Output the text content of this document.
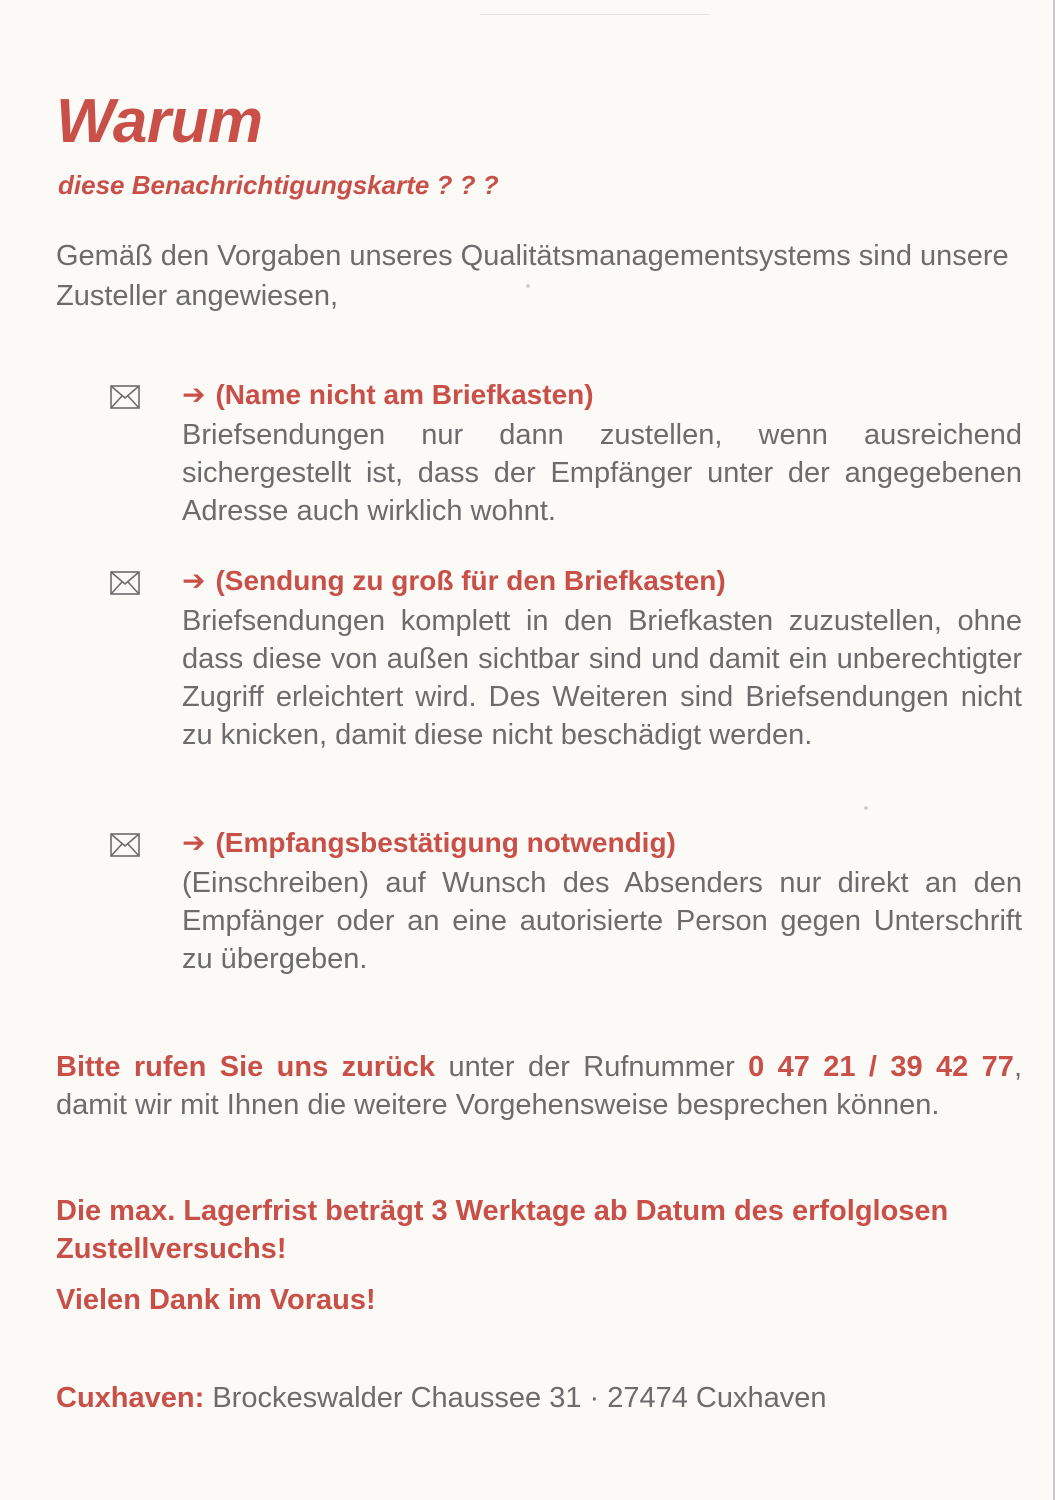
Warum
diese Benachrichtigungskarte ? ? ?

Gemäß den Vorgaben unseres Qualitätsmanagementsystems sind unsere Zusteller angewiesen,

➔ (Name nicht am Briefkasten)
Briefsendungen nur dann zustellen, wenn ausreichend sichergestellt ist, dass der Empfänger unter der angegebenen Adresse auch wirklich wohnt.
➔ (Sendung zu groß für den Briefkasten)
Briefsendungen komplett in den Briefkasten zuzustellen, ohne dass diese von außen sichtbar sind und damit ein unberechtigter Zugriff erleichtert wird. Des Weiteren sind Briefsendungen nicht zu knicken, damit diese nicht beschädigt werden.
➔ (Empfangsbestätigung notwendig)
(Einschreiben) auf Wunsch des Absenders nur direkt an den Empfänger oder an eine autorisierte Person gegen Unterschrift zu übergeben.

Bitte rufen Sie uns zurück unter der Rufnummer 0 47 21 / 39 42 77, damit wir mit Ihnen die weitere Vorgehensweise besprechen können.

Die max. Lagerfrist beträgt 3 Werktage ab Datum des erfolglosen Zustellversuchs!

Vielen Dank im Voraus!

Cuxhaven: Brockeswalder Chaussee 31 · 27474 Cuxhaven
